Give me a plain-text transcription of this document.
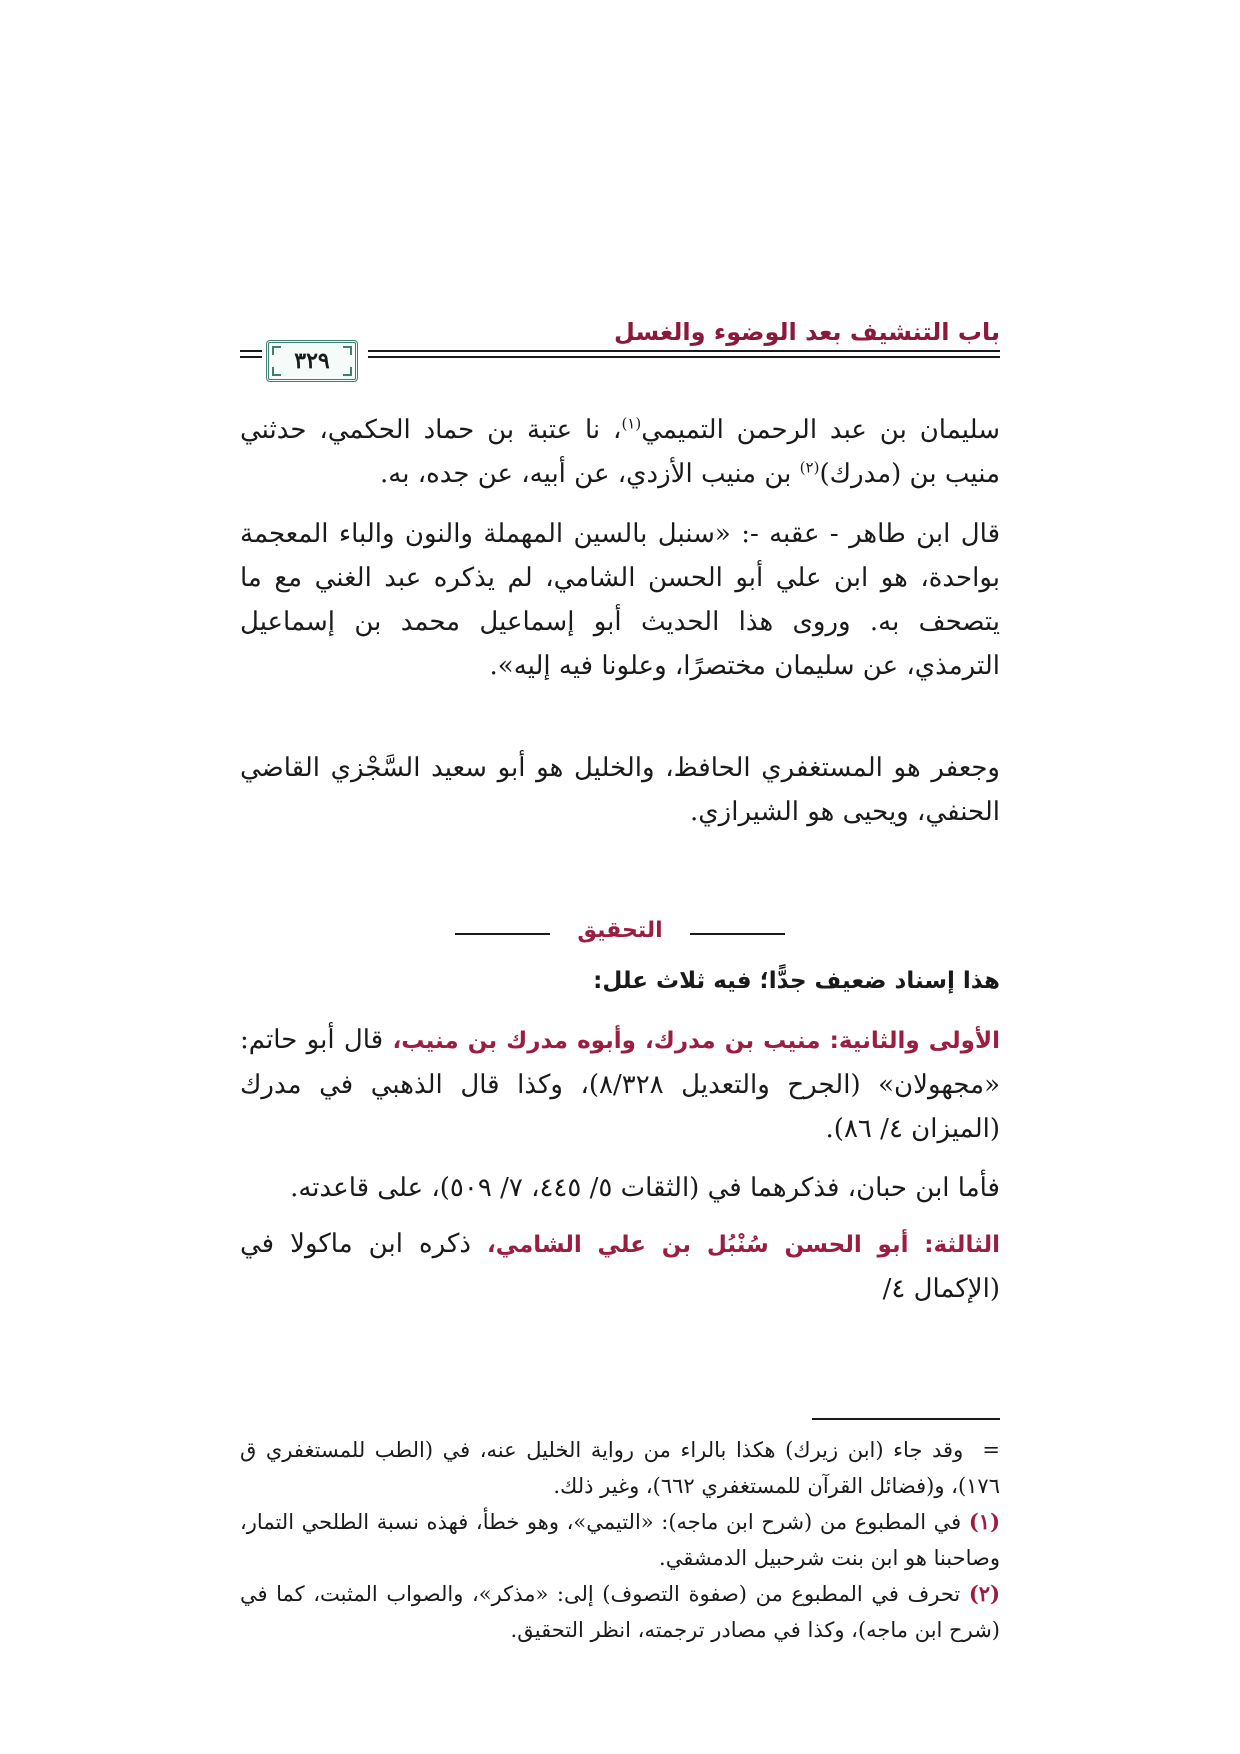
باب التنشيف بعد الوضوء والغسل
٣٢٩
سليمان بن عبد الرحمن التميمي$^{(١)}$، نا عتبة بن حماد الحكمي، حدثني منيب بن (مدرك)$^{(٢)}$ بن منيب الأزدي، عن أبيه، عن جده، به.
قال ابن طاهر - عقبه -: «سنبل بالسين المهملة والنون والباء المعجمة بواحدة، هو ابن علي أبو الحسن الشامي، لم يذكره عبد الغني مع ما يتصحف به. وروى هذا الحديث أبو إسماعيل محمد بن إسماعيل الترمذي، عن سليمان مختصرًا، وعلونا فيه إليه».
وجعفر هو المستغفري الحافظ، والخليل هو أبو سعيد السَّجْزي القاضي الحنفي، ويحيى هو الشيرازي.
التحقيق
هذا إسناد ضعيف جدًّا؛ فيه ثلاث علل:
الأولى والثانية: منيب بن مدرك، وأبوه مدرك بن منيب، قال أبو حاتم: «مجهولان» (الجرح والتعديل ٨/٣٢٨)، وكذا قال الذهبي في مدرك (الميزان ٤/ ٨٦).
فأما ابن حبان، فذكرهما في (الثقات ٥/ ٤٤٥، ٧/ ٥٠٩)، على قاعدته.
الثالثة: أبو الحسن سُنْبُل بن علي الشامي، ذكره ابن ماكولا في (الإكمال ٤/

=  وقد جاء (ابن زيرك) هكذا بالراء من رواية الخليل عنه، في (الطب للمستغفري ق ١٧٦)، و(فضائل القرآن للمستغفري ٦٦٢)، وغير ذلك.

(١) في المطبوع من (شرح ابن ماجه): «التيمي»، وهو خطأ، فهذه نسبة الطلحي التمار، وصاحبنا هو ابن بنت شرحبيل الدمشقي.

(٢) تحرف في المطبوع من (صفوة التصوف) إلى: «مذكر»، والصواب المثبت، كما في (شرح ابن ماجه)، وكذا في مصادر ترجمته، انظر التحقيق.
